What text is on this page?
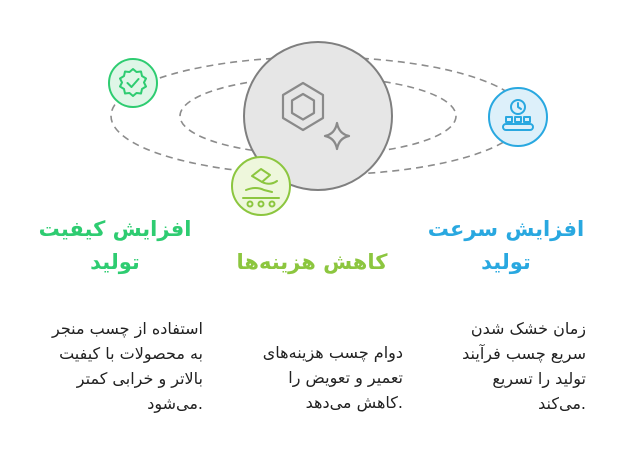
افزایش کیفیت
تولید	کاهش هزینه‌ها
افزایش سرعت
تولید
استفاده از چسب منجر
به محصولات با کیفیت
بالاتر و خرابی کمتر
.می‌شود
دوام چسب هزینه‌های
تعمیر و تعویض را
.کاهش می‌دهد
زمان خشک شدن
سریع چسب فرآیند
تولید را تسریع
.می‌کند
